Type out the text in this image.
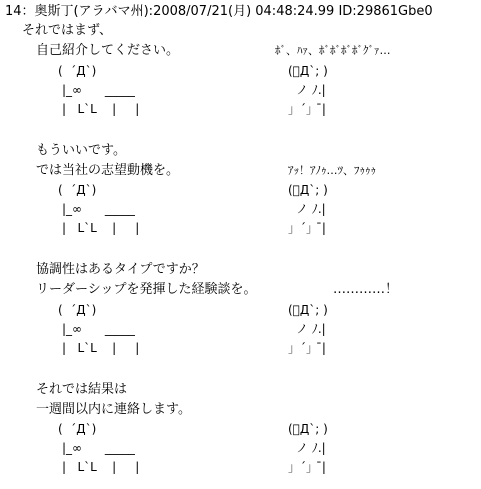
14：奥斯丁(アラバマ州):2008/07/21(月) 04:48:24.99 ID:29861Gbe0
それではまず、
自己紹介してください。	ﾎﾞ、ﾊｧ、ﾎﾞﾎﾞﾎﾞﾎﾞｸﾞｧ…
(  ´Д`)
|_∞      _____
|   L`L    |     |
(ﾟД`; )
ノ ﾉ.|
」´」 ̄|
もういいです。
では当社の志望動機を。	ｱｯ！ｱﾉｩ…ﾂ、ﾌｩｩｩ
(  ´Д`)
|_∞      _____
|   L`L    |     |
(ﾟД`; )
ノ ﾉ.|
」´」 ̄|
協調性はあるタイプですか？
リーダーシップを発揮した経験談を。	…………！
(  ´Д`)
|_∞      _____
|   L`L    |     |
(ﾟД`; )
ノ ﾉ.|
」´」 ̄|
それでは結果は
一週間以内に連絡します。
(  ´Д`)
|_∞      _____
|   L`L    |     |
(ﾟД`; )
ノ ﾉ.|
」´」 ̄|
